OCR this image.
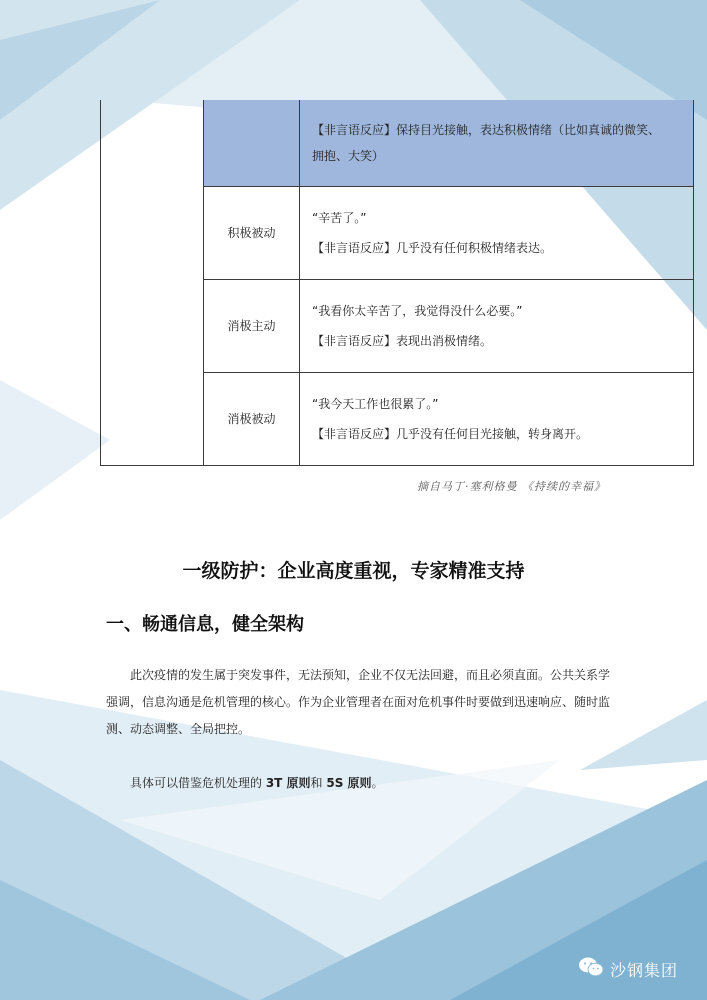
		【非言语反应】保持目光接触，表达积极情绪（比如真诚的微笑、
拥抱、大笑）

	积极被动	“辛苦了。”
【非言语反应】几乎没有任何积极情绪表达。

	消极主动	“我看你太辛苦了，我觉得没什么必要。”
【非言语反应】表现出消极情绪。

	消极被动	“我今天工作也很累了。”
【非言语反应】几乎没有任何目光接触，转身离开。
摘自马丁·塞利格曼 《持续的幸福》
一级防护：企业高度重视，专家精准支持
一、畅通信息，健全架构
此次疫情的发生属于突发事件，无法预知，企业不仅无法回避，而且必须直面。公共关系学强调，信息沟通是危机管理的核心。作为企业管理者在面对危机事件时要做到迅速响应、随时监测、动态调整、全局把控。
具体可以借鉴危机处理的 3T 原则和 5S 原则。
沙钢集团
